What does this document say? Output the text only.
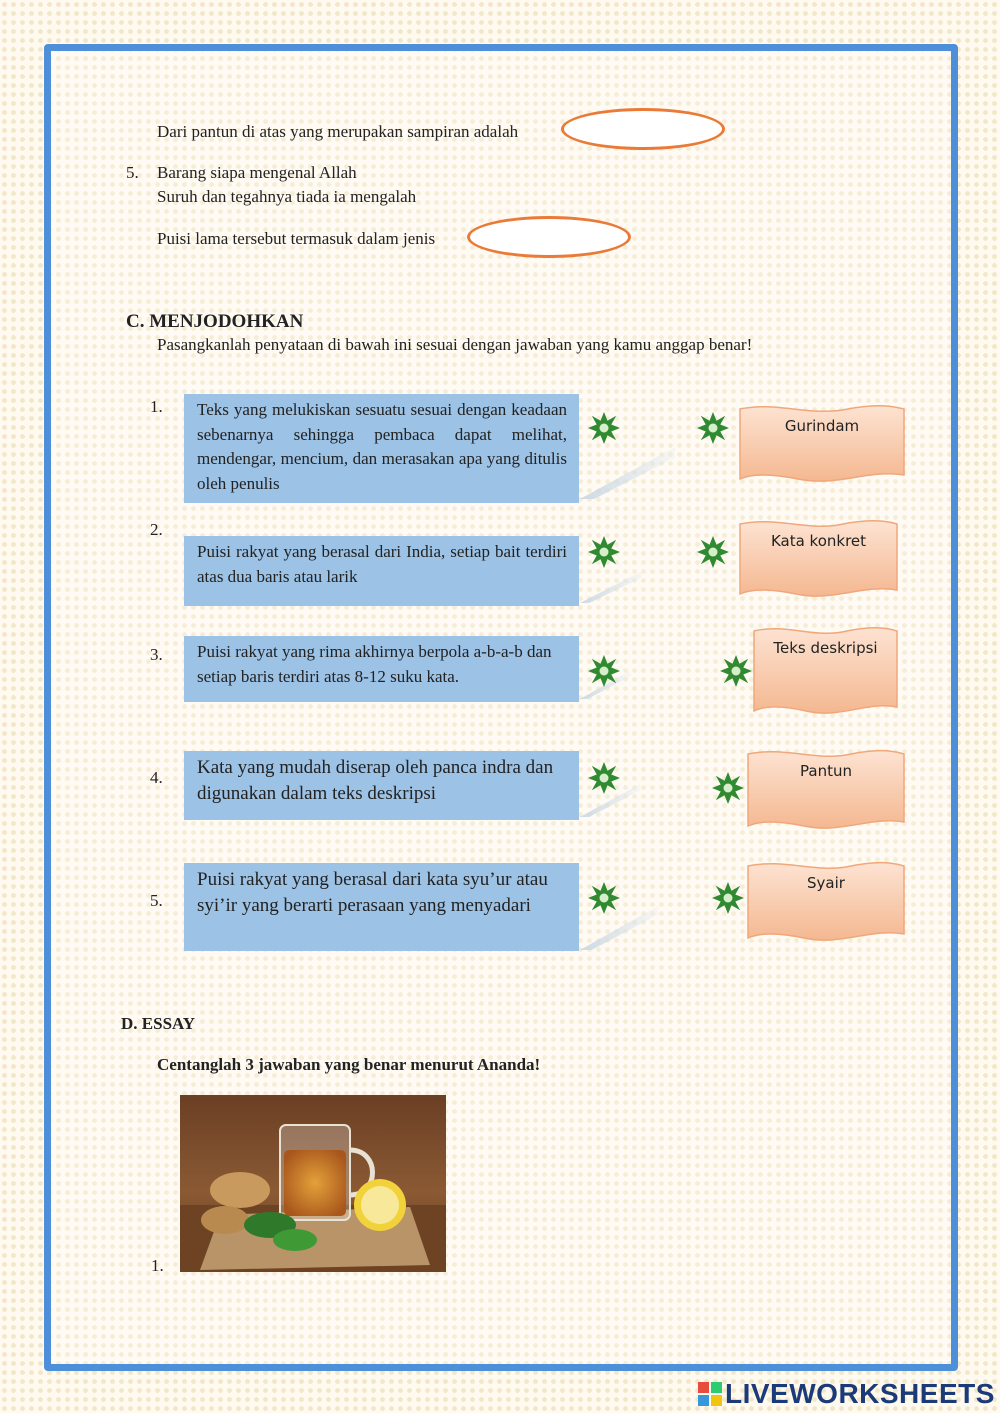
Dari pantun di atas yang merupakan sampiran adalah
5. Barang siapa mengenal Allah
Suruh dan tegahnya tiada ia mengalah
Puisi lama tersebut termasuk dalam jenis
C. MENJODOHKAN
Pasangkanlah penyataan di bawah ini sesuai dengan jawaban yang kamu anggap benar!
1.	Teks yang melukiskan sesuatu sesuai dengan keadaan sebenarnya sehingga pembaca dapat melihat, mendengar, mencium, dan merasakan apa yang ditulis oleh penulis
2.
Puisi rakyat yang berasal dari India, setiap bait terdiri atas dua baris atau larik
3.	Puisi rakyat yang rima akhirnya berpola a-b-a-b dan setiap baris terdiri atas 8-12 suku kata.
4.	Kata yang mudah diserap oleh panca indra dan digunakan dalam teks deskripsi
5.
Puisi rakyat yang berasal dari kata syu’ur atau syi’ir yang berarti perasaan yang menyadari
Gurindam
Kata konkret
Teks deskripsi
Pantun
Syair
D. ESSAY
Centanglah 3 jawaban yang benar menurut Ananda!
1.
LIVEWORKSHEETS
